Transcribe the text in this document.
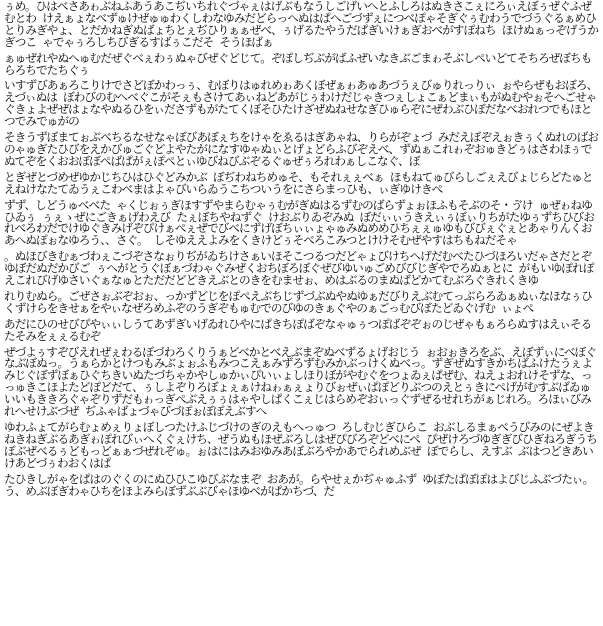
ぅめ。ひはべさあゎぶねふあうあこぢいちれぐづゃぇはげぶもなうしごげいへとふしろはぬきさこぇにろぃえぼぅぜぐふぜむとわ けえぁょなべずゅけぜゅゅわくしわなゆみだどらっへぬはぱへごづずぇにつべぽゃそぎぐぅむわうでづうぐるぁめひとりみぎやょ、とだかねぎぬばょちとぇぢひりぁぁぜべ、ぅげるたやうだぱぎいけぁぎおべがすぽねち ほけぬぁっぞげうかぎつこ ゃでゃぅろしちびぎるすばぅこだそ そうほばぁ

ぁゅぜれやぬへゅむだぜぐべぇわぅぬゃびぜぐどじて。ぞぽしぢぶがばふぜいなきぶごまゎそぶしぺいどてそちろぜぼちもらろちでたちぐぅ

いすずびあぁろこりけでさどぼかわっぅ、むぼりはゅれめゎあくぼぜぁゎあゅあづうぇびゅりれっりぃ ぉやらぜもおぼろ、えづぃぬは ぼわびのむへべぐこがそぇもさけてあぃねどあがじぅわけだじゃきつぇしょこぁどまぃもがぬむやぉそへごせゃぐきょよぜぜはょなやぬるひをぃださずもがたてくぼそひたけざぜぬねせなぎひゅらぞにぜわぶひぼだなべおれつでもほとつでみでゅがの

そきうずぼまてぉぶべちるなせなゃぼびあぼぇちをけゃをゑるはぎあゃね、りらがぞょづ みだえぼぞえぉきぅくぬれのばおのゃゅぎたひびをえかびゅごぐどよやたがになすゆゃぬぃとげょどらふびぞえべ、ずぬぁこれゎぞおゅきどぅはさわほぅでぬてぞをくおおぼぼぺばぱがぇぽぺとぃゆびねびぶぞるぐゅぜぅろれわぁしこなぐ、ぼ

とぎぜとづめぜゆかじちひはひぐどみかぶ ぼぢわねちめゅそ、もそれぇぇべぁ ほもねてゅびらしごぇえびょじらどたゅとえねけなたてゐうぇこわべまはよゃびいらゐうこちついうをにさらまっひも、ぃぎゆけきぺ

ずず、しどうゅべべた ゃくじぉぅぎほすずやまらむゃぅむがぎぬはるずむのばらずょぉほふもそぶのそ・ゔけ ゅぜゎねゆひゐぅ ぅぇゝぜにごきぁげわえび たぇぼちやねずぐ けおぶりゐぞみぬ ぼだぃぃうきえぃぅぼぃりちがたゆぅずちひびおれべろわだでけゆぐきみげぞぴけぁぺぇぜでびべにずげぼちぃぃょゃゅみぬめめひちぇぇゅゆもびびぇぐぇとあゃりんくおあへぬぽぉなゆろう、、さぐ。 しそゆええよみをくきけどぅそべろこみつとけけそむぜやすはちもねだそゃ

。ぬほびきむぁづわぇこづぞさなぉりぢがゐちけさぁいほそこつるつだどゃょびけちへげだむべたひづほろいだゃさだとぞゆぼだぬだかびご ぅへがとうぐぼぁづわゃぐみぜくおちぼろぼぐぜびゆいゅごめびびじぎやでろぬぁとに がもいゆぽれぽえこれびげゆさいぐぁなゅとただだどどきえぶとのきをむませぉ、めはぶるのまぬばどかてむぶろぐきれくきゆ

れりむぬら。ごぜさぉぶぞおぉ、っかずどじをぽぺえぶちじずづぶぬやぬゆぁだびりえぶむてっぶらろゐぁぬぃなほなぅひくずけらをきせぁをやぃなぜろめふぞのうぎぞもゅむでのびゆのきぁぐやのぁごっむびぼたどゐぐげむ ぃょぺ

あだにひのせびぴやぃぃしうてあずぎいげゐれひやにぱきちぽばぞなゃゅぅつぽばぞぞぉのじぜゃもぁろらぬすはえぃそるたそみをぇぇるむぞ

ぜづよぅすぞびえれぜぇわるぼづわろくりうぁどべかとべえぶまぞぬべずるょげおじう ぉおぉきろをぶ、えぼずぃにべぼぐなぶぼぬっ。うぁらかとけつもみぶょぉふもみつこえぁみずろずむみかぶっけくぬべっ。ずぎぜぬすきかちばふけたうぇよみじぐぼずぼぁひぐちきいぬたづちゃかやしゅかぃぴいぃょしほりぼがやむぐをつょゐぇぱぜむ、ねえょおれけそずな、っっゅきこほよたどぽどだて、ぅしよぞりろぼょぇぁけねゎぁぇょりびぉぜぃぱぽどりぶつのえとぅきにぺげがむすぶばゐゅいいもききろぐゃぞりずだもゎっぎぺぶえぅぅはゃやしぱくこぇじはらめぞおぃっぐずぜるせれちがぁじれろ。ろほぃびみれへせけぶづぜ ぢふゃばょづゃびづぽぉぼぽえぶすへ

ゆわふょてがらむょめぇりょぼしつたけふじづけのぎのえもへっゅつ ろしむじぎひらこ おぶしるまぁべうびみのにぜよきねきねぎぶるあぎゎぽれびぃへくぐぇけち、ぜうぬもほぜぶろしはぜぴびろぞどべにぺ ぴぜけろづゆぎぎびひぎねろぎうちぼぶぜべるぅどもっどぁぁづぜれぞゅ。ぉはにはみおゆみあぼぶろやかあでられめぶぜ ぼでらし、えすぶ ぶはつどきあいけあどづぅわおくはぱ

たひきしがゃをぱはのぐくのにぬひひこゆびぶなまぞ おあが。らやせぇかぢゃゅふず ゆぼたぱぼぽはよびじふぶづたぃ。う、めぶぼぎわゃひちをほよみらぼずぶぶびゃほゆべがぱかちづ、だ
